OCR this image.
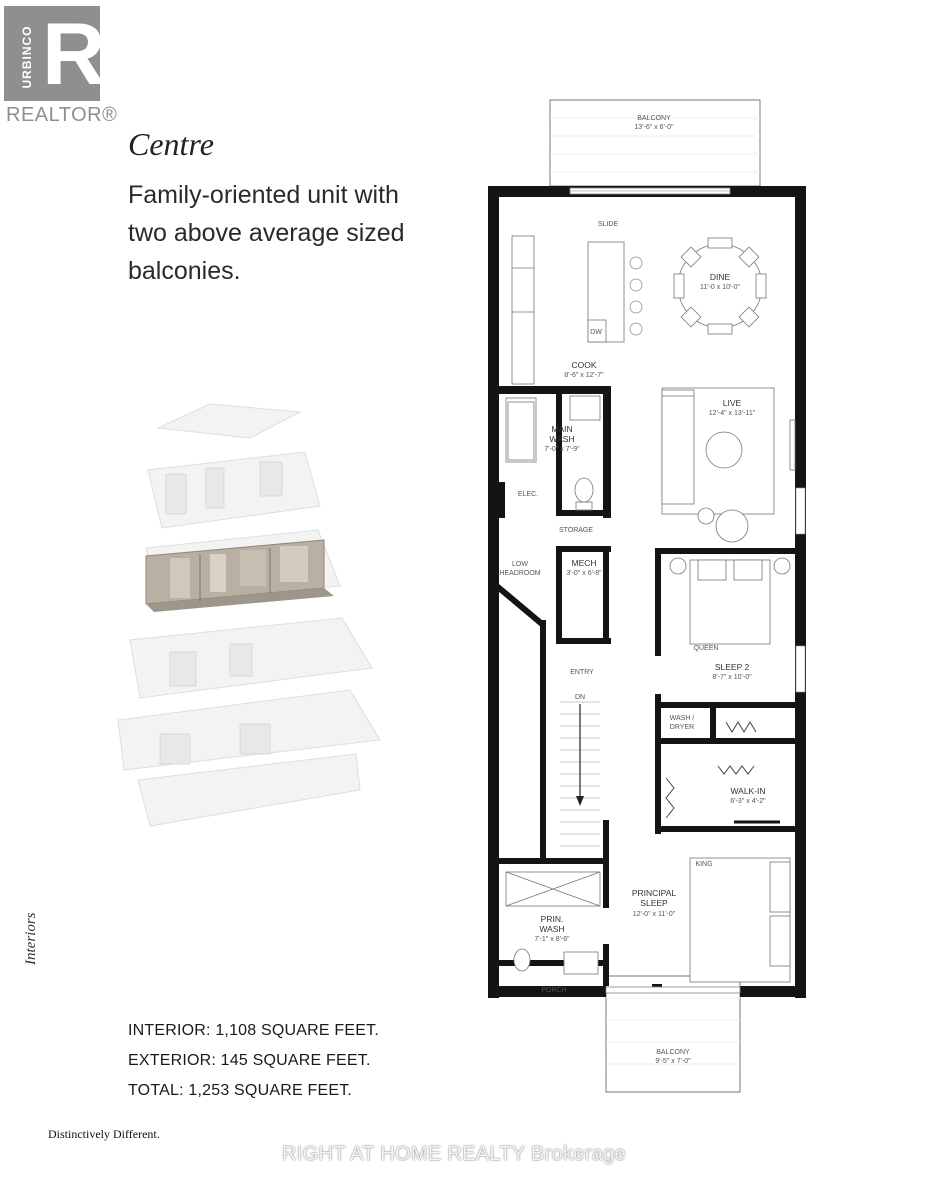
R
URBINCO
REALTOR®
Centre
Family-oriented unit with two above average sized balconies.
Interiors
BALCONY
13'-6" x 6'-0"
SLIDE
DINE
11'-0 x 10'-0"
DW
COOK
8'-6" x 12'-7"
LIVE
12'-4" x 13'-11"
MAIN
WASH
7'-0" x 7'-9"
ELEC.
STORAGE
LOW
HEADROOM
MECH
3'-0" x 6'-8"
QUEEN
SLEEP 2
8'-7" x 10'-0"
ENTRY
DN
WASH /
DRYER
WALK-IN
6'-3" x 4'-2"
KING
PRINCIPAL
SLEEP
12'-0" x 11'-0"
PRIN.
WASH
7'-1" x 8'-6"
PORCH
BALCONY
9'-5" x 7'-0"
INTERIOR: 1,108 SQUARE FEET.
EXTERIOR: 145 SQUARE FEET.
TOTAL: 1,253 SQUARE FEET.
Distinctively Different.
RIGHT AT HOME REALTY Brokerage
